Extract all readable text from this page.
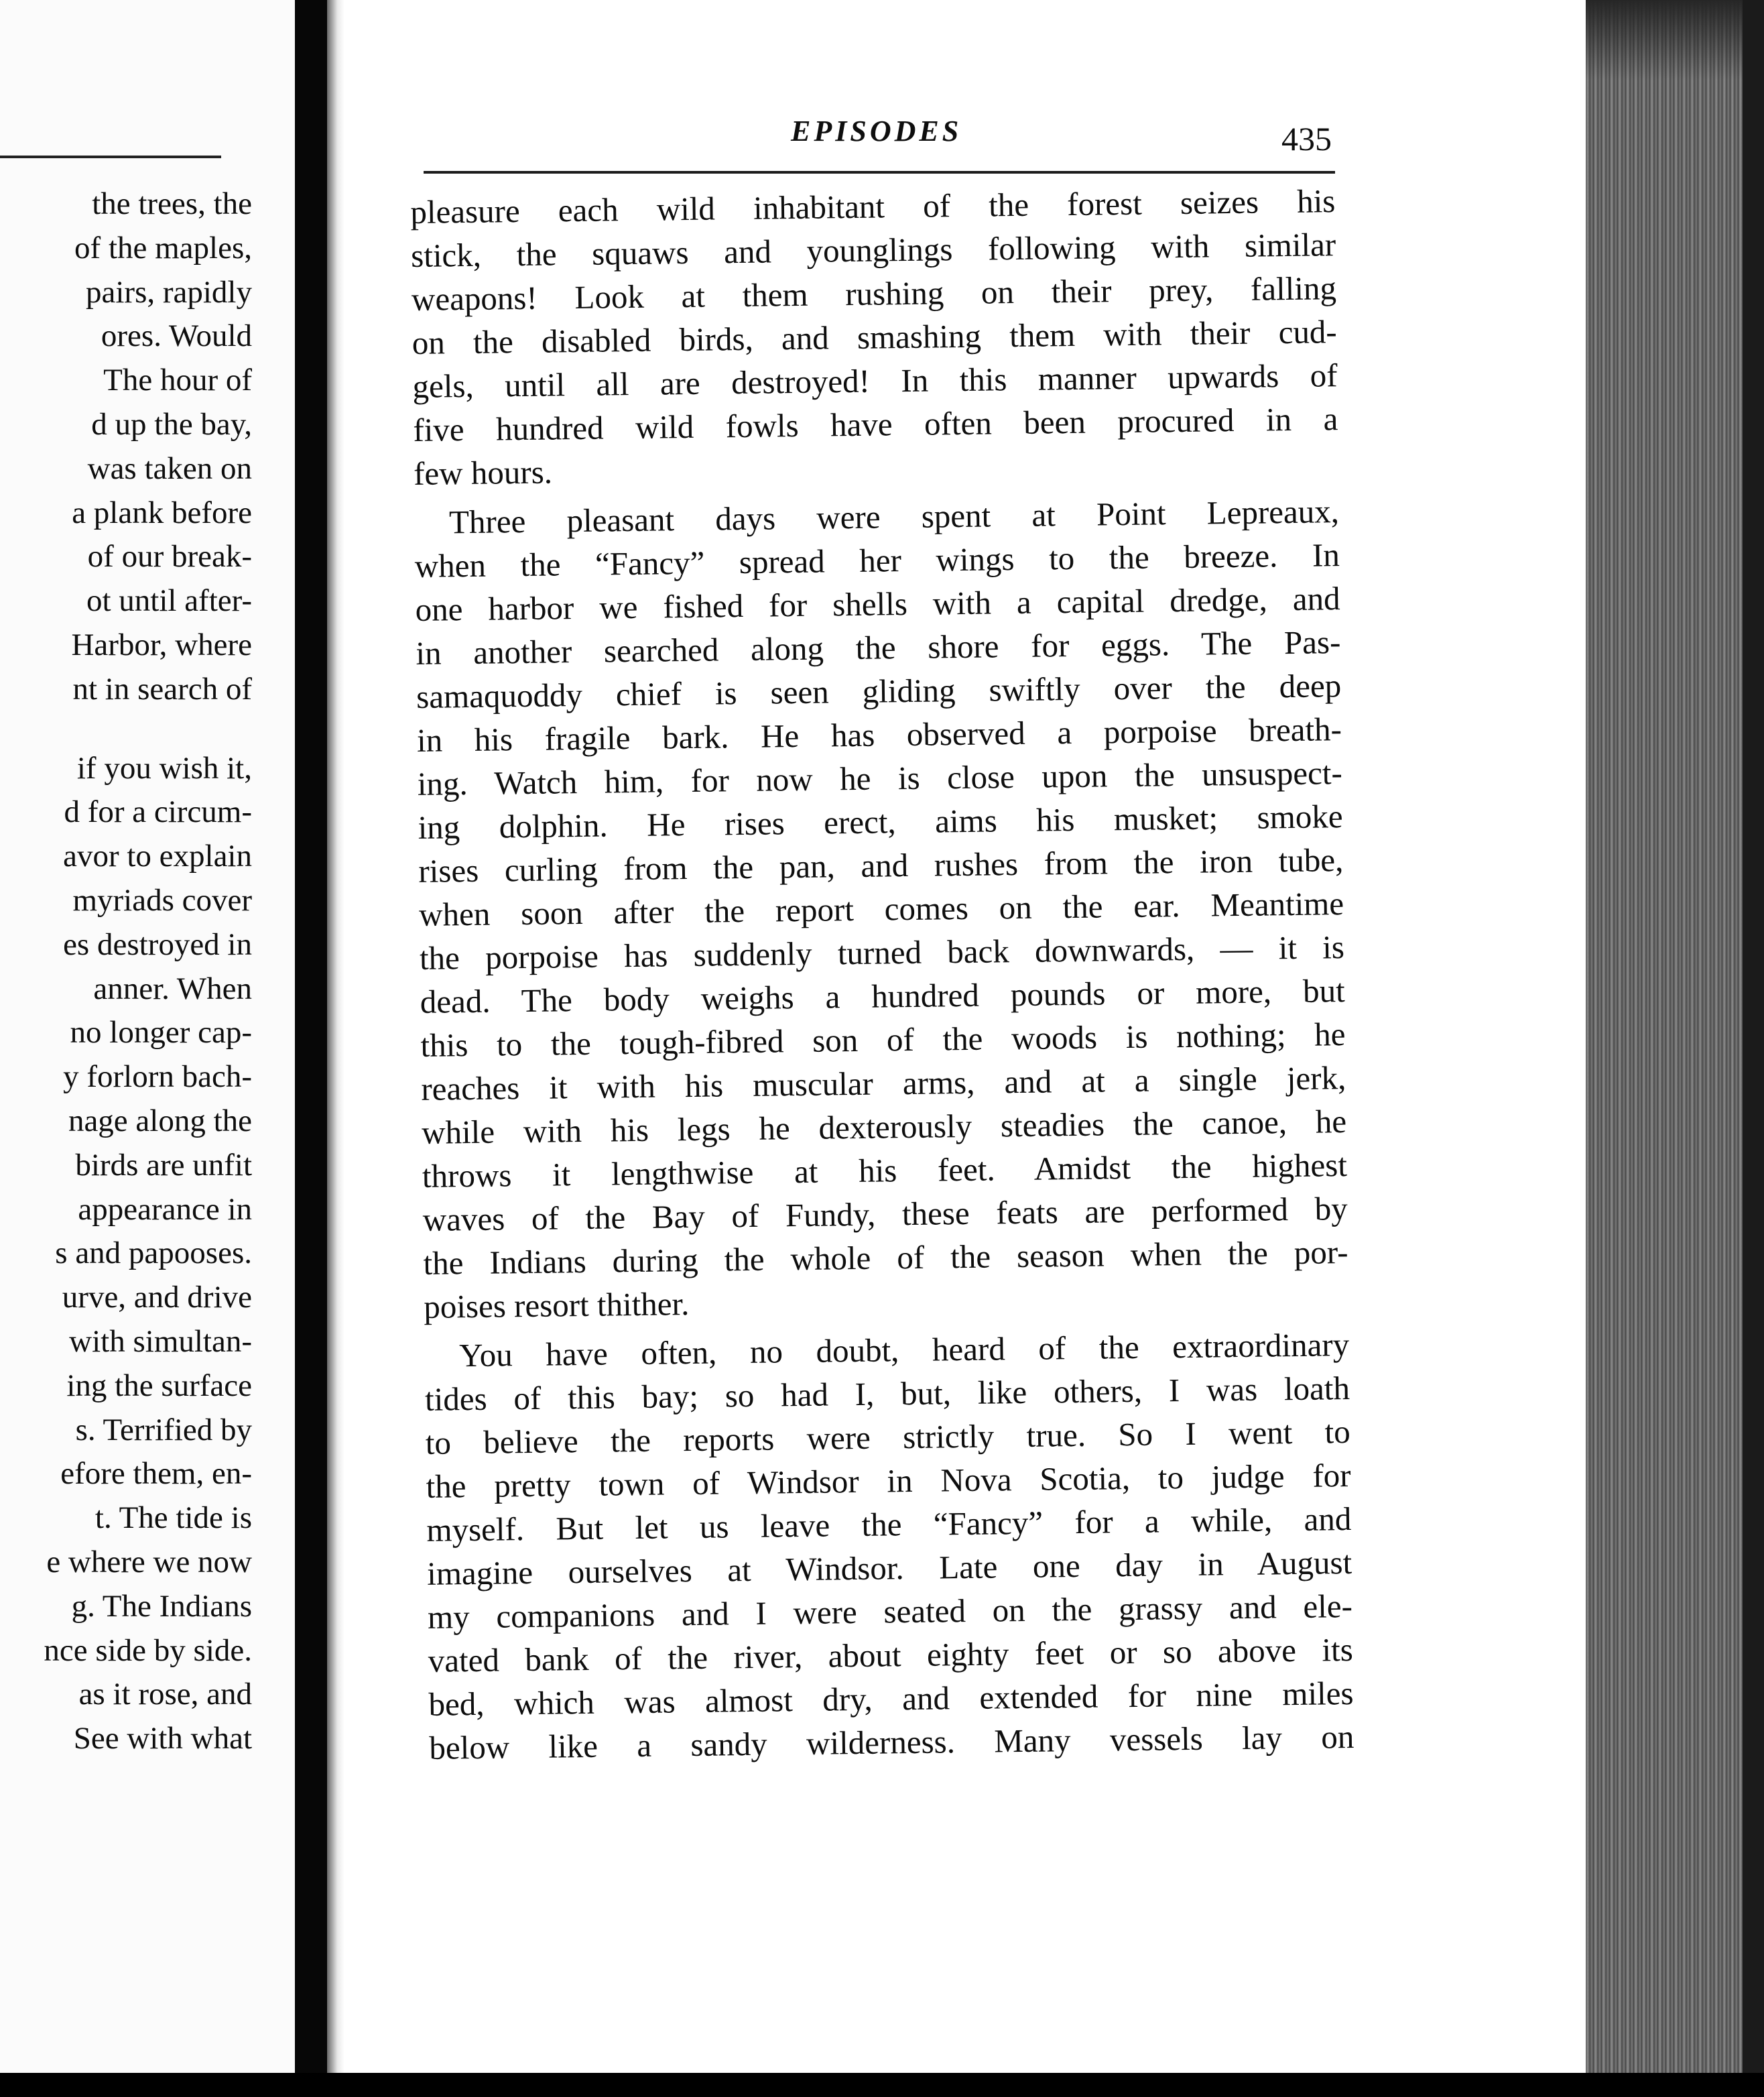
the trees, the
of the maples,
pairs, rapidly
ores. Would
The hour of
d up the bay,
was taken on
a plank before
of our break-
ot until after-
Harbor, where
nt in search of
if you wish it,
d for a circum-
avor to explain
myriads cover
es destroyed in
anner. When
no longer cap-
y forlorn bach-
nage along the
birds are unfit
appearance in
s and papooses.
urve, and drive
with simultan-
ing the surface
s. Terrified by
efore them, en-
t. The tide is
e where we now
g. The Indians
nce side by side.
as it rose, and
See with what
EPISODES	435
pleasure each wild inhabitant of the forest seizes his
stick, the squaws and younglings following with similar
weapons! Look at them rushing on their prey, falling
on the disabled birds, and smashing them with their cud-
gels, until all are destroyed! In this manner upwards of
five hundred wild fowls have often been procured in a
few hours.
Three pleasant days were spent at Point Lepreaux,
when the “Fancy” spread her wings to the breeze. In
one harbor we fished for shells with a capital dredge, and
in another searched along the shore for eggs. The Pas-
samaquoddy chief is seen gliding swiftly over the deep
in his fragile bark. He has observed a porpoise breath-
ing. Watch him, for now he is close upon the unsuspect-
ing dolphin. He rises erect, aims his musket; smoke
rises curling from the pan, and rushes from the iron tube,
when soon after the report comes on the ear. Meantime
the porpoise has suddenly turned back downwards, — it is
dead. The body weighs a hundred pounds or more, but
this to the tough-fibred son of the woods is nothing; he
reaches it with his muscular arms, and at a single jerk,
while with his legs he dexterously steadies the canoe, he
throws it lengthwise at his feet. Amidst the highest
waves of the Bay of Fundy, these feats are performed by
the Indians during the whole of the season when the por-
poises resort thither.
You have often, no doubt, heard of the extraordinary
tides of this bay; so had I, but, like others, I was loath
to believe the reports were strictly true. So I went to
the pretty town of Windsor in Nova Scotia, to judge for
myself. But let us leave the “Fancy” for a while, and
imagine ourselves at Windsor. Late one day in August
my companions and I were seated on the grassy and ele-
vated bank of the river, about eighty feet or so above its
bed, which was almost dry, and extended for nine miles
below like a sandy wilderness. Many vessels lay on
